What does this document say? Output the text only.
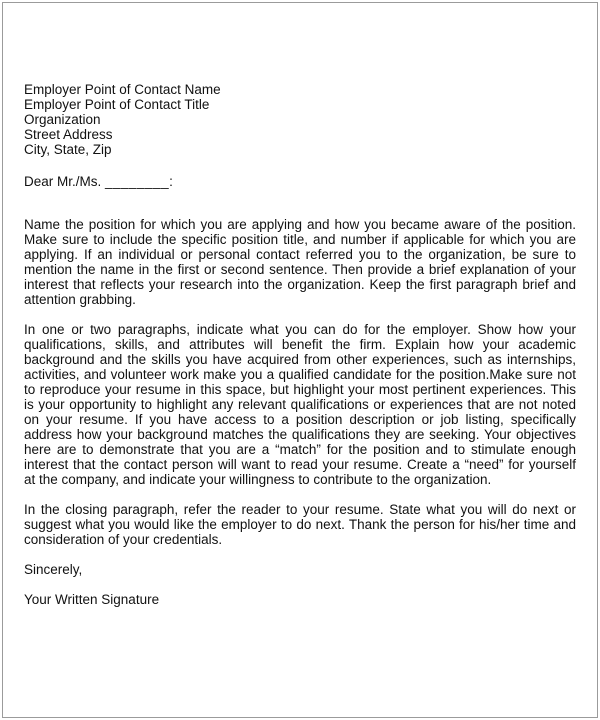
Employer Point of Contact Name
Employer Point of Contact Title
Organization
Street Address
City, State, Zip
Dear Mr./Ms. ________:
Name the position for which you are applying and how you became aware of the position. Make sure to include the specific position title, and number if applicable for which you are applying. If an individual or personal contact referred you to the organization, be sure to mention the name in the first or second sentence. Then provide a brief explanation of your interest that reflects your research into the organization. Keep the first paragraph brief and attention grabbing.
In one or two paragraphs, indicate what you can do for the employer. Show how your qualifications, skills, and attributes will benefit the firm. Explain how your academic background and the skills you have acquired from other experiences, such as internships, activities, and volunteer work make you a qualified candidate for the position.Make sure not to reproduce your resume in this space, but highlight your most pertinent experiences. This is your opportunity to highlight any relevant qualifications or experiences that are not noted on your resume. If you have access to a position description or job listing, specifically address how your background matches the qualifications they are seeking. Your objectives here are to demonstrate that you are a “match” for the position and to stimulate enough interest that the contact person will want to read your resume. Create a “need” for yourself at the company, and indicate your willingness to contribute to the organization.
In the closing paragraph, refer the reader to your resume. State what you will do next or suggest what you would like the employer to do next. Thank the person for his/her time and consideration of your credentials.
Sincerely,
Your Written Signature
